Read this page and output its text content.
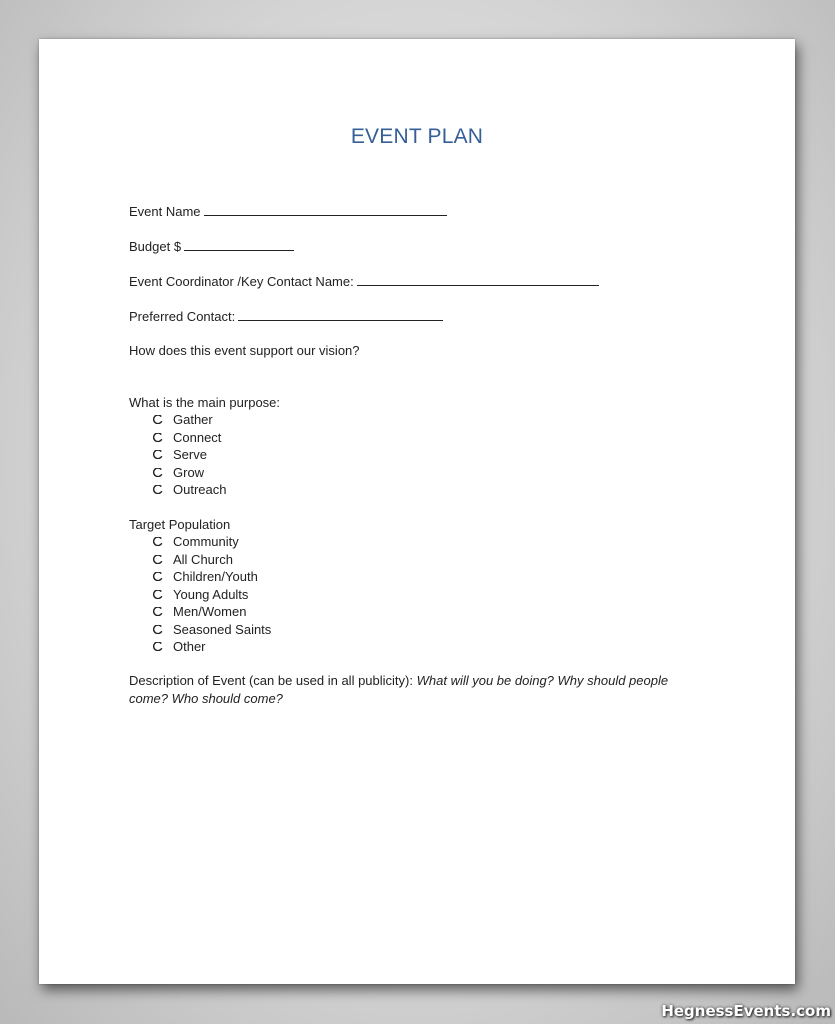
EVENT PLAN
Event Name
Budget $
Event Coordinator /Key Contact Name:
Preferred Contact:
How does this event support our vision?
What is the main purpose:
Gather
Connect
Serve
Grow
Outreach
Target Population
Community
All Church
Children/Youth
Young Adults
Men/Women
Seasoned Saints
Other
Description of Event (can be used in all publicity): What will you be doing? Why should people come? Who should come?
HegnessEvents.com
